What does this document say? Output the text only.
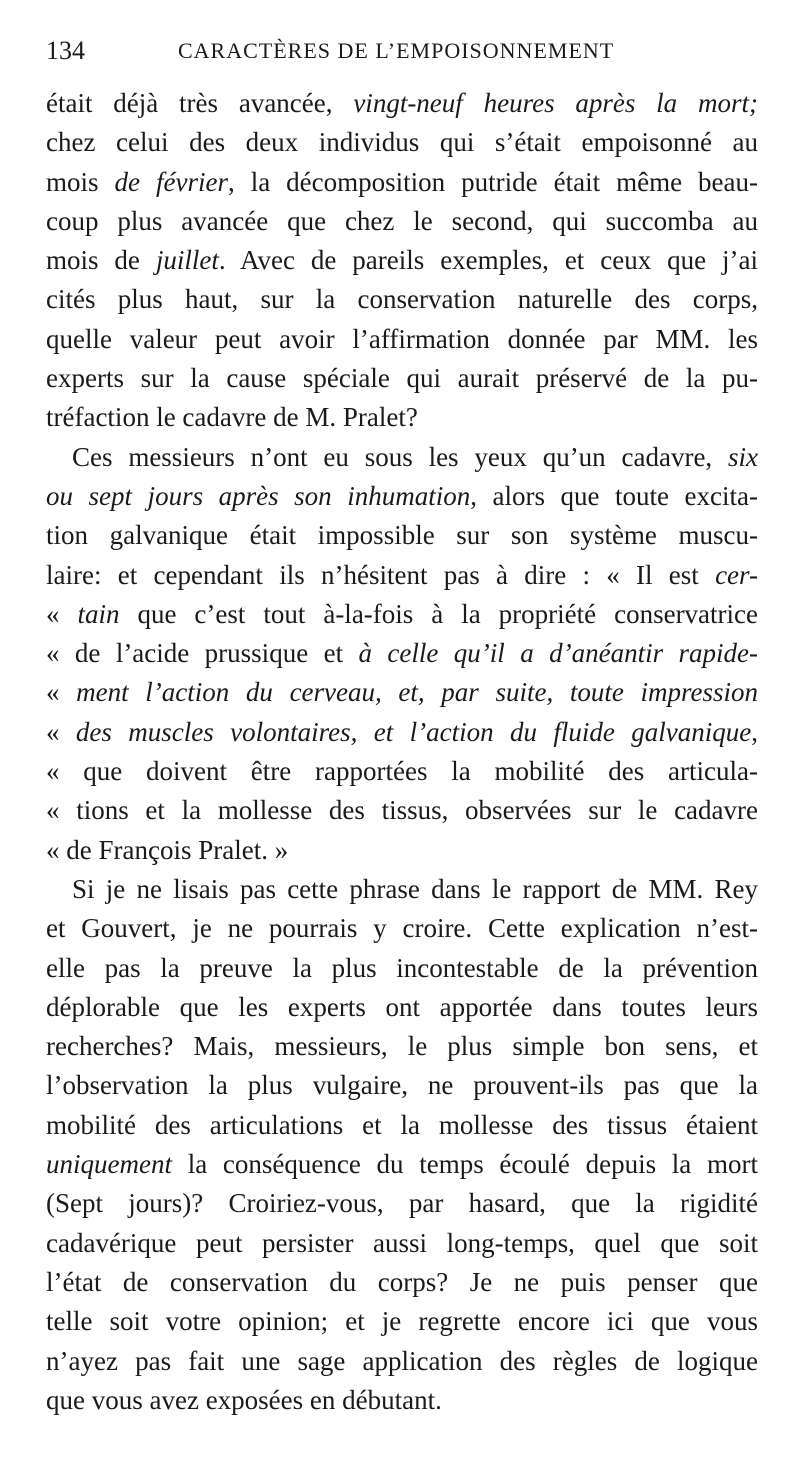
134	CARACTÈRES DE L’EMPOISONNEMENT
était déjà très avancée, vingt-neuf heures après la mort;
chez celui des deux individus qui s’était empoisonné au
mois de février, la décomposition putride était même beau-
coup plus avancée que chez le second, qui succomba au
mois de juillet. Avec de pareils exemples, et ceux que j’ai
cités plus haut, sur la conservation naturelle des corps,
quelle valeur peut avoir l’affirmation donnée par MM. les
experts sur la cause spéciale qui aurait préservé de la pu-
tréfaction le cadavre de M. Pralet?
Ces messieurs n’ont eu sous les yeux qu’un cadavre, six
ou sept jours après son inhumation, alors que toute excita-
tion galvanique était impossible sur son système muscu-
laire: et cependant ils n’hésitent pas à dire : « Il est cer-
« tain que c’est tout à-la-fois à la propriété conservatrice
« de l’acide prussique et à celle qu’il a d’anéantir rapide-
« ment l’action du cerveau, et, par suite, toute impression
« des muscles volontaires, et l’action du fluide galvanique,
« que doivent être rapportées la mobilité des articula-
« tions et la mollesse des tissus, observées sur le cadavre
« de François Pralet. »
Si je ne lisais pas cette phrase dans le rapport de MM. Rey
et Gouvert, je ne pourrais y croire. Cette explication n’est-
elle pas la preuve la plus incontestable de la prévention
déplorable que les experts ont apportée dans toutes leurs
recherches? Mais, messieurs, le plus simple bon sens, et
l’observation la plus vulgaire, ne prouvent-ils pas que la
mobilité des articulations et la mollesse des tissus étaient
uniquement la conséquence du temps écoulé depuis la mort
(Sept jours)? Croiriez-vous, par hasard, que la rigidité
cadavérique peut persister aussi long-temps, quel que soit
l’état de conservation du corps? Je ne puis penser que
telle soit votre opinion; et je regrette encore ici que vous
n’ayez pas fait une sage application des règles de logique
que vous avez exposées en débutant.
